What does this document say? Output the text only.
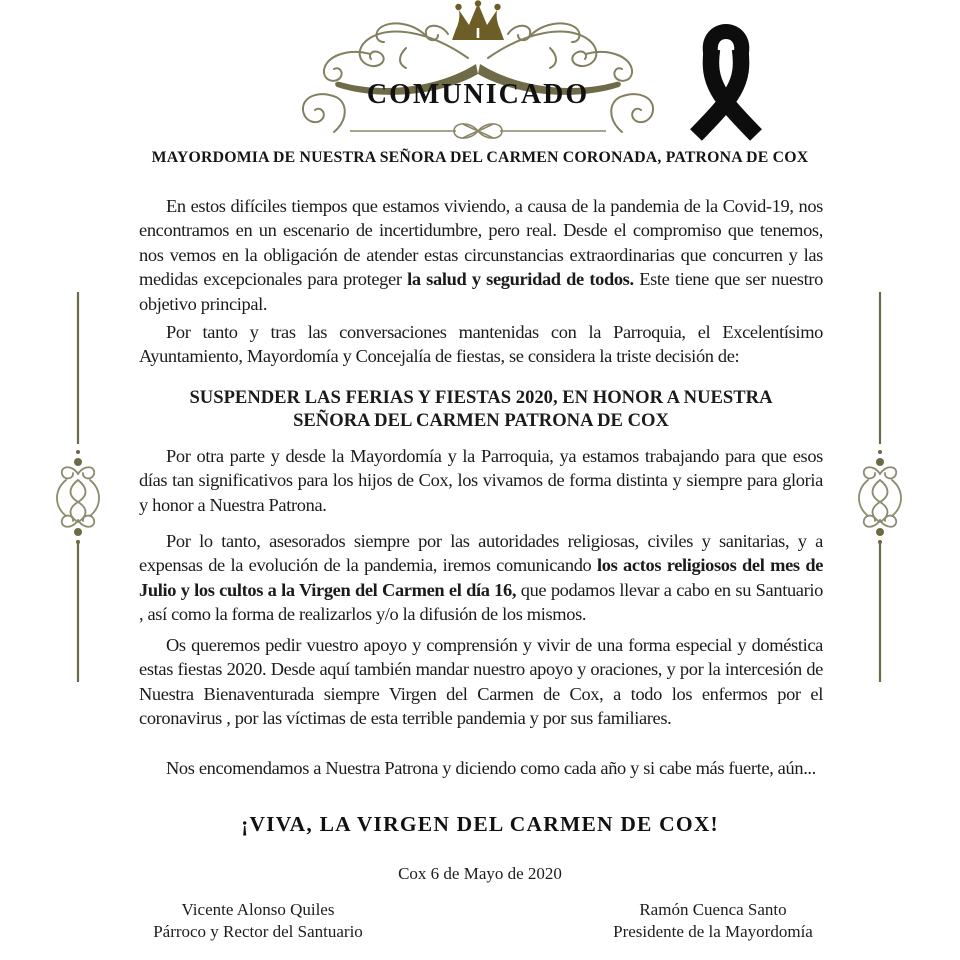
COMUNICADO
MAYORDOMIA DE NUESTRA SEÑORA DEL CARMEN CORONADA, PATRONA DE COX

En estos difíciles tiempos que estamos viviendo, a causa de la pandemia de la Covid-19, nos encontramos en un escenario de incertidumbre, pero real. Desde el compromiso que tenemos, nos vemos en la obligación de atender estas circunstancias extraordinarias que concurren y las medidas excepcionales para proteger la salud y seguridad de todos. Este tiene que ser nuestro objetivo principal.

Por tanto y tras las conversaciones mantenidas con la Parroquia, el Excelentísimo Ayuntamiento, Mayordomía y Concejalía de fiestas, se considera la triste decisión de:

SUSPENDER LAS FERIAS Y FIESTAS 2020, EN HONOR A NUESTRA
SEÑORA DEL CARMEN PATRONA DE COX

Por otra parte y desde la Mayordomía y la Parroquia, ya estamos trabajando para que esos días tan significativos para los hijos de Cox, los vivamos de forma distinta y siempre para gloria y honor a Nuestra Patrona.

Por lo tanto, asesorados siempre por las autoridades religiosas, civiles y sanitarias, y a expensas de la evolución de la pandemia, iremos comunicando los actos religiosos del mes de Julio y los cultos a la Virgen del Carmen el día 16, que podamos llevar a cabo en su Santuario , así como la forma de realizarlos y/o la difusión de los mismos.

Os queremos pedir vuestro apoyo y comprensión y vivir de una forma especial y doméstica estas fiestas 2020. Desde aquí también mandar nuestro apoyo y oraciones, y por la intercesión de Nuestra Bienaventurada siempre Virgen del Carmen de Cox, a todo los enfermos por el coronavirus , por las víctimas de esta terrible pandemia y por sus familiares.

Nos encomendamos a Nuestra Patrona y diciendo como cada año y si cabe más fuerte, aún...

¡VIVA, LA VIRGEN DEL CARMEN DE COX!
Cox 6 de Mayo de 2020
Vicente Alonso Quiles
Párroco y Rector del Santuario
Ramón Cuenca Santo
Presidente de la Mayordomía
